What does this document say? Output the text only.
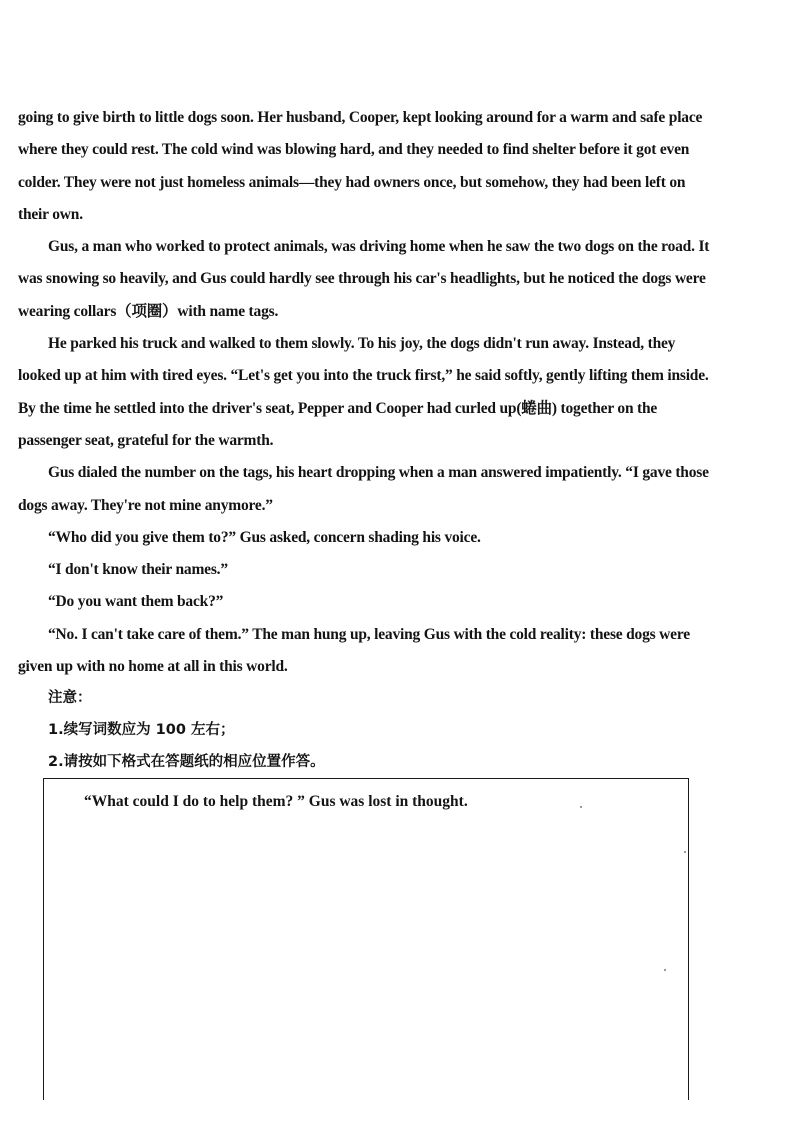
going to give birth to little dogs soon. Her husband, Cooper, kept looking around for a warm and safe place where they could rest. The cold wind was blowing hard, and they needed to find shelter before it got even colder. They were not just homeless animals—they had owners once, but somehow, they had been left on their own.

Gus, a man who worked to protect animals, was driving home when he saw the two dogs on the road. It was snowing so heavily, and Gus could hardly see through his car's headlights, but he noticed the dogs were wearing collars（项圈）with name tags.

He parked his truck and walked to them slowly. To his joy, the dogs didn't run away. Instead, they looked up at him with tired eyes. “Let's get you into the truck first,” he said softly, gently lifting them inside. By the time he settled into the driver's seat, Pepper and Cooper had curled up(蜷曲) together on the passenger seat, grateful for the warmth.

Gus dialed the number on the tags, his heart dropping when a man answered impatiently. “I gave those dogs away. They're not mine anymore.”

“Who did you give them to?” Gus asked, concern shading his voice.

“I don't know their names.”

“Do you want them back?”

“No. I can't take care of them.” The man hung up, leaving Gus with the cold reality: these dogs were given up with no home at all in this world.

注意：
1.续写词数应为 100 左右；
2.请按如下格式在答题纸的相应位置作答。
“What could I do to help them? ” Gus was lost in thought.
